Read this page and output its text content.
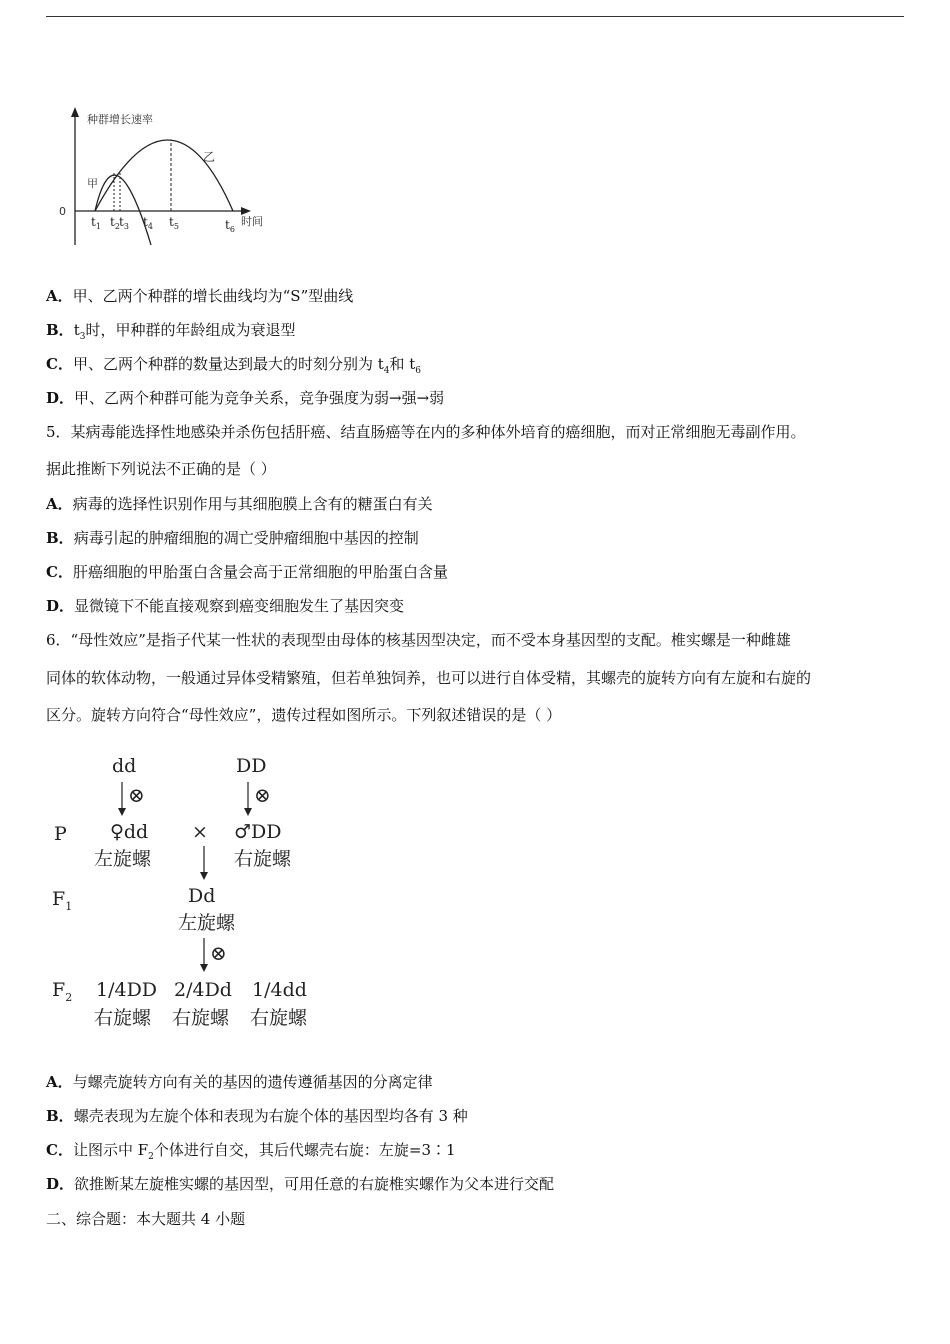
种群增长速率
0
时间
甲
乙
$t_1$ $t_2$ $t_3$ $t_4$ $t_5$	$t_6$
A．甲、乙两个种群的增长曲线均为“S”型曲线
B．$t_3$时，甲种群的年龄组成为衰退型
C．甲、乙两个种群的数量达到最大的时刻分别为 $t_4$和 $t_6$
D．甲、乙两个种群可能为竞争关系，竞争强度为弱→强→弱
5．某病毒能选择性地感染并杀伤包括肝癌、结直肠癌等在内的多种体外培育的癌细胞，而对正常细胞无毒副作用。
据此推断下列说法不正确的是（ ）
A．病毒的选择性识别作用与其细胞膜上含有的糖蛋白有关
B．病毒引起的肿瘤细胞的凋亡受肿瘤细胞中基因的控制
C．肝癌细胞的甲胎蛋白含量会高于正常细胞的甲胎蛋白含量
D．显微镜下不能直接观察到癌变细胞发生了基因突变
6．“母性效应”是指子代某一性状的表现型由母体的核基因型决定，而不受本身基因型的支配。椎实螺是一种雌雄
同体的软体动物，一般通过异体受精繁殖，但若单独饲养，也可以进行自体受精，其螺壳的旋转方向有左旋和右旋的
区分。旋转方向符合“母性效应”，遗传过程如图所示。下列叙述错误的是（ ）
dd	DD
⊗	⊗
P ♀dd × ♂DD
左旋螺	右旋螺
$F_1$	Dd
左旋螺
⊗
$F_2$ 1/4DD 2/4Dd 1/4dd
右旋螺 右旋螺 右旋螺
A．与螺壳旋转方向有关的基因的遗传遵循基因的分离定律
B．螺壳表现为左旋个体和表现为右旋个体的基因型均各有 3 种
C．让图示中 $F_2$个体进行自交，其后代螺壳右旋：左旋=3∶1
D．欲推断某左旋椎实螺的基因型，可用任意的右旋椎实螺作为父本进行交配
二、综合题：本大题共 4 小题
